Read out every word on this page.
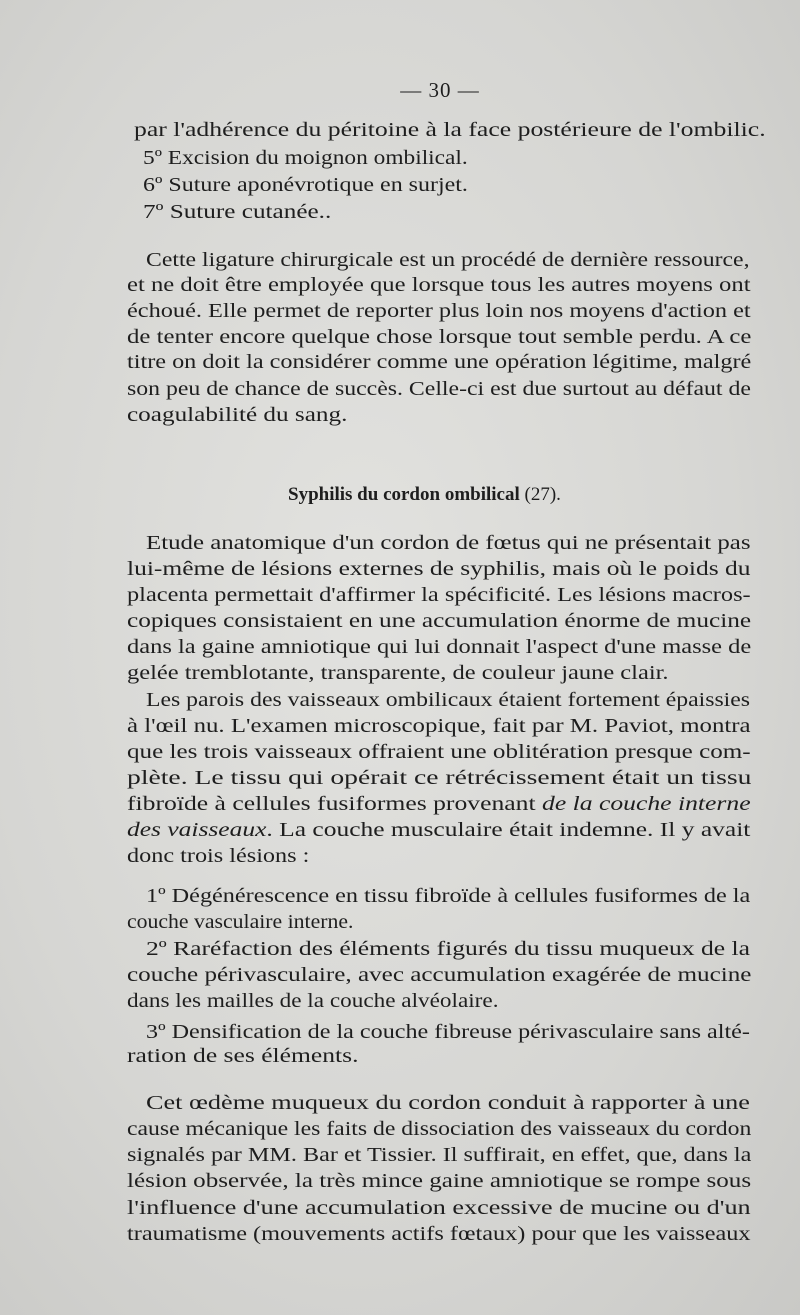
— 30 —
par l'adhérence du péritoine à la face postérieure de l'ombilic.
5º Excision du moignon ombilical.
6º Suture aponévrotique en surjet.
7º Suture cutanée..
Cette ligature chirurgicale est un procédé de dernière ressource,
et ne doit être employée que lorsque tous les autres moyens ont
échoué. Elle permet de reporter plus loin nos moyens d'action et
de tenter encore quelque chose lorsque tout semble perdu. A ce
titre on doit la considérer comme une opération légitime, malgré
son peu de chance de succès. Celle-ci est due surtout au défaut de
coagulabilité du sang.
Syphilis du cordon ombilical (27).
Etude anatomique d'un cordon de fœtus qui ne présentait pas
lui-même de lésions externes de syphilis, mais où le poids du
placenta permettait d'affirmer la spécificité. Les lésions macros-
copiques consistaient en une accumulation énorme de mucine
dans la gaine amniotique qui lui donnait l'aspect d'une masse de
gelée tremblotante, transparente, de couleur jaune clair.
Les parois des vaisseaux ombilicaux étaient fortement épaissies
à l'œil nu. L'examen microscopique, fait par M. Paviot, montra
que les trois vaisseaux offraient une oblitération presque com-
plète. Le tissu qui opérait ce rétrécissement était un tissu
fibroïde à cellules fusiformes provenant de la couche interne
des vaisseaux. La couche musculaire était indemne. Il y avait
donc trois lésions :
1º Dégénérescence en tissu fibroïde à cellules fusiformes de la
couche vasculaire interne.
2º Raréfaction des éléments figurés du tissu muqueux de la
couche périvasculaire, avec accumulation exagérée de mucine
dans les mailles de la couche alvéolaire.
3º Densification de la couche fibreuse périvasculaire sans alté-
ration de ses éléments.
Cet œdème muqueux du cordon conduit à rapporter à une
cause mécanique les faits de dissociation des vaisseaux du cordon
signalés par MM. Bar et Tissier. Il suffirait, en effet, que, dans la
lésion observée, la très mince gaine amniotique se rompe sous
l'influence d'une accumulation excessive de mucine ou d'un
traumatisme (mouvements actifs fœtaux) pour que les vaisseaux
